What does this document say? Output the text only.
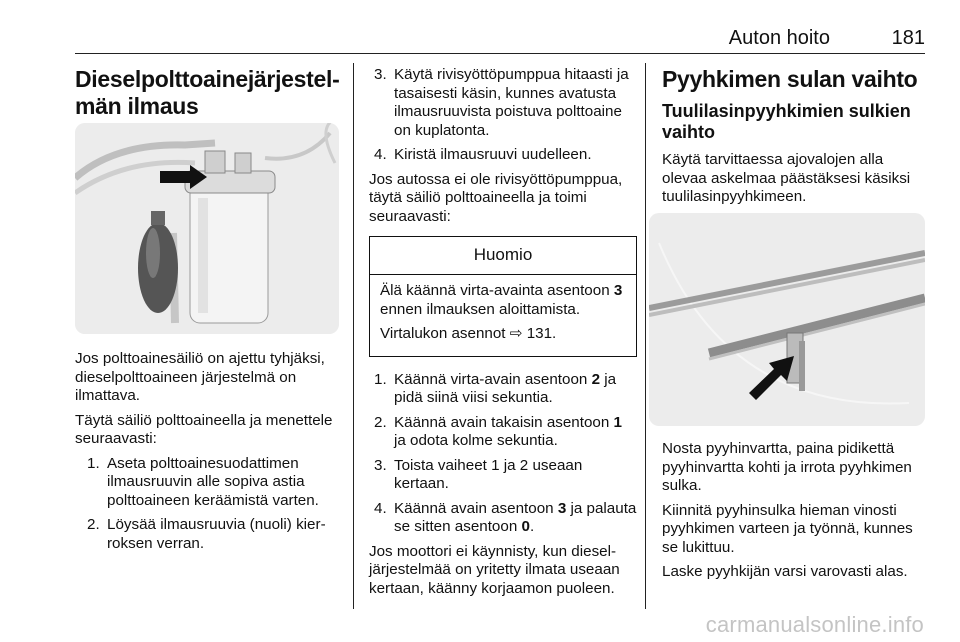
Auton hoito	181
Dieselpolttoainejärjestel-
män ilmaus

Jos polttoainesäiliö on ajettu tyhjäksi, dieselpolttoaineen järjestelmä on ilmattava.

Täytä säiliö polttoaineella ja menettele seuraavasti:

1. Aseta polttoainesuodattimen ilmausruuvin alle sopiva astia polttoaineen keräämistä varten.
2. Löysää ilmausruuvia (nuoli) kierroksen verran.
3. Käytä rivisyöttöpumppua hitaasti ja tasaisesti käsin, kunnes avatusta ilmausruuvista poistuva polttoaine on kuplatonta.
4. Kiristä ilmausruuvi uudelleen.

Jos autossa ei ole rivisyöttöpumppua, täytä säiliö polttoaineella ja toimi seuraavasti:

Huomio

Älä käännä virta-avainta asentoon 3 ennen ilmauksen aloittamista.

Virtalukon asennot ⇨ 131.

1. Käännä virta-avain asentoon 2 ja pidä siinä viisi sekuntia.
2. Käännä avain takaisin asentoon 1 ja odota kolme sekuntia.
3. Toista vaiheet 1 ja 2 useaan kertaan.
4. Käännä avain asentoon 3 ja palauta se sitten asentoon 0.

Jos moottori ei käynnisty, kun dieseljärjestelmää on yritetty ilmata useaan kertaan, käänny korjaamon puoleen.

Pyyhkimen sulan vaihto
Tuulilasinpyyhkimien sulkien vaihto

Käytä tarvittaessa ajovalojen alla olevaa askelmaa päästäksesi käsiksi tuulilasinpyyhkimeen.

Nosta pyyhinvartta, paina pidikettä pyyhinvartta kohti ja irrota pyyhkimen sulka.

Kiinnitä pyyhinsulka hieman vinosti pyyhkimen varteen ja työnnä, kunnes se lukittuu.

Laske pyyhkijän varsi varovasti alas.

carmanualsonline.info
